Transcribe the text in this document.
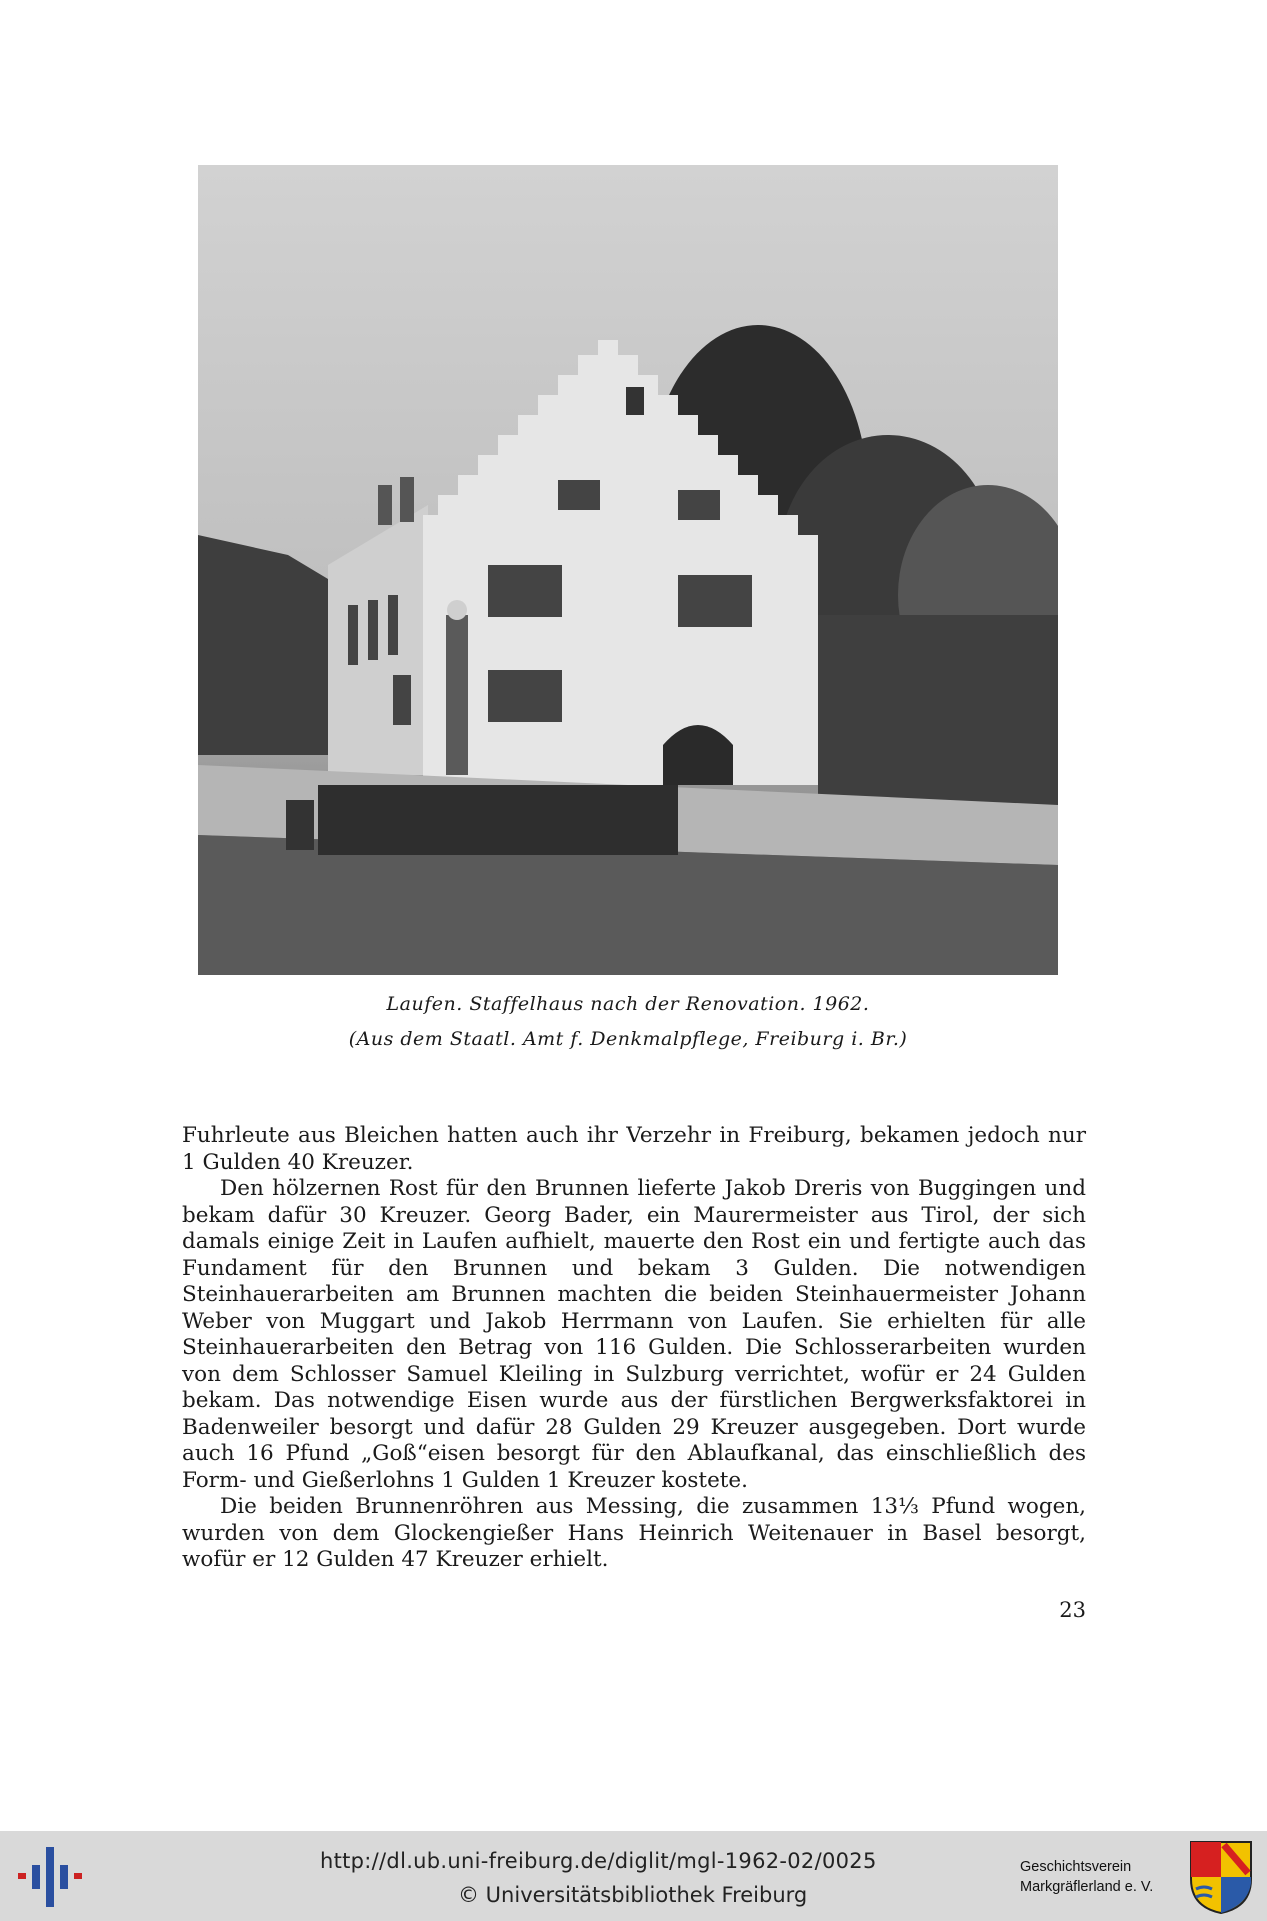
Laufen. Staffelhaus nach der Renovation. 1962.
(Aus dem Staatl. Amt f. Denkmalpflege, Freiburg i. Br.)

Fuhrleute aus Bleichen hatten auch ihr Verzehr in Freiburg, bekamen jedoch nur 1 Gulden 40 Kreuzer.

Den hölzernen Rost für den Brunnen lieferte Jakob Dreris von Buggingen und bekam dafür 30 Kreuzer. Georg Bader, ein Maurermeister aus Tirol, der sich damals einige Zeit in Laufen aufhielt, mauerte den Rost ein und fertigte auch das Fundament für den Brunnen und bekam 3 Gulden. Die notwendigen Steinhauerarbeiten am Brunnen machten die beiden Steinhauermeister Johann Weber von Muggart und Jakob Herrmann von Laufen. Sie erhielten für alle Steinhauerarbeiten den Betrag von 116 Gulden. Die Schlosserarbeiten wurden von dem Schlosser Samuel Kleiling in Sulzburg verrichtet, wofür er 24 Gulden bekam. Das notwendige Eisen wurde aus der fürstlichen Bergwerksfaktorei in Badenweiler besorgt und dafür 28 Gulden 29 Kreuzer ausgegeben. Dort wurde auch 16 Pfund „Goß“eisen besorgt für den Ablaufkanal, das einschließlich des Form- und Gießerlohns 1 Gulden 1 Kreuzer kostete.

Die beiden Brunnenröhren aus Messing, die zusammen 13⅓ Pfund wogen, wurden von dem Glockengießer Hans Heinrich Weitenauer in Basel besorgt, wofür er 12 Gulden 47 Kreuzer erhielt.

23
http://dl.ub.uni-freiburg.de/diglit/mgl-1962-02/0025
© Universitätsbibliothek Freiburg
Geschichtsverein
Markgräflerland e. V.
